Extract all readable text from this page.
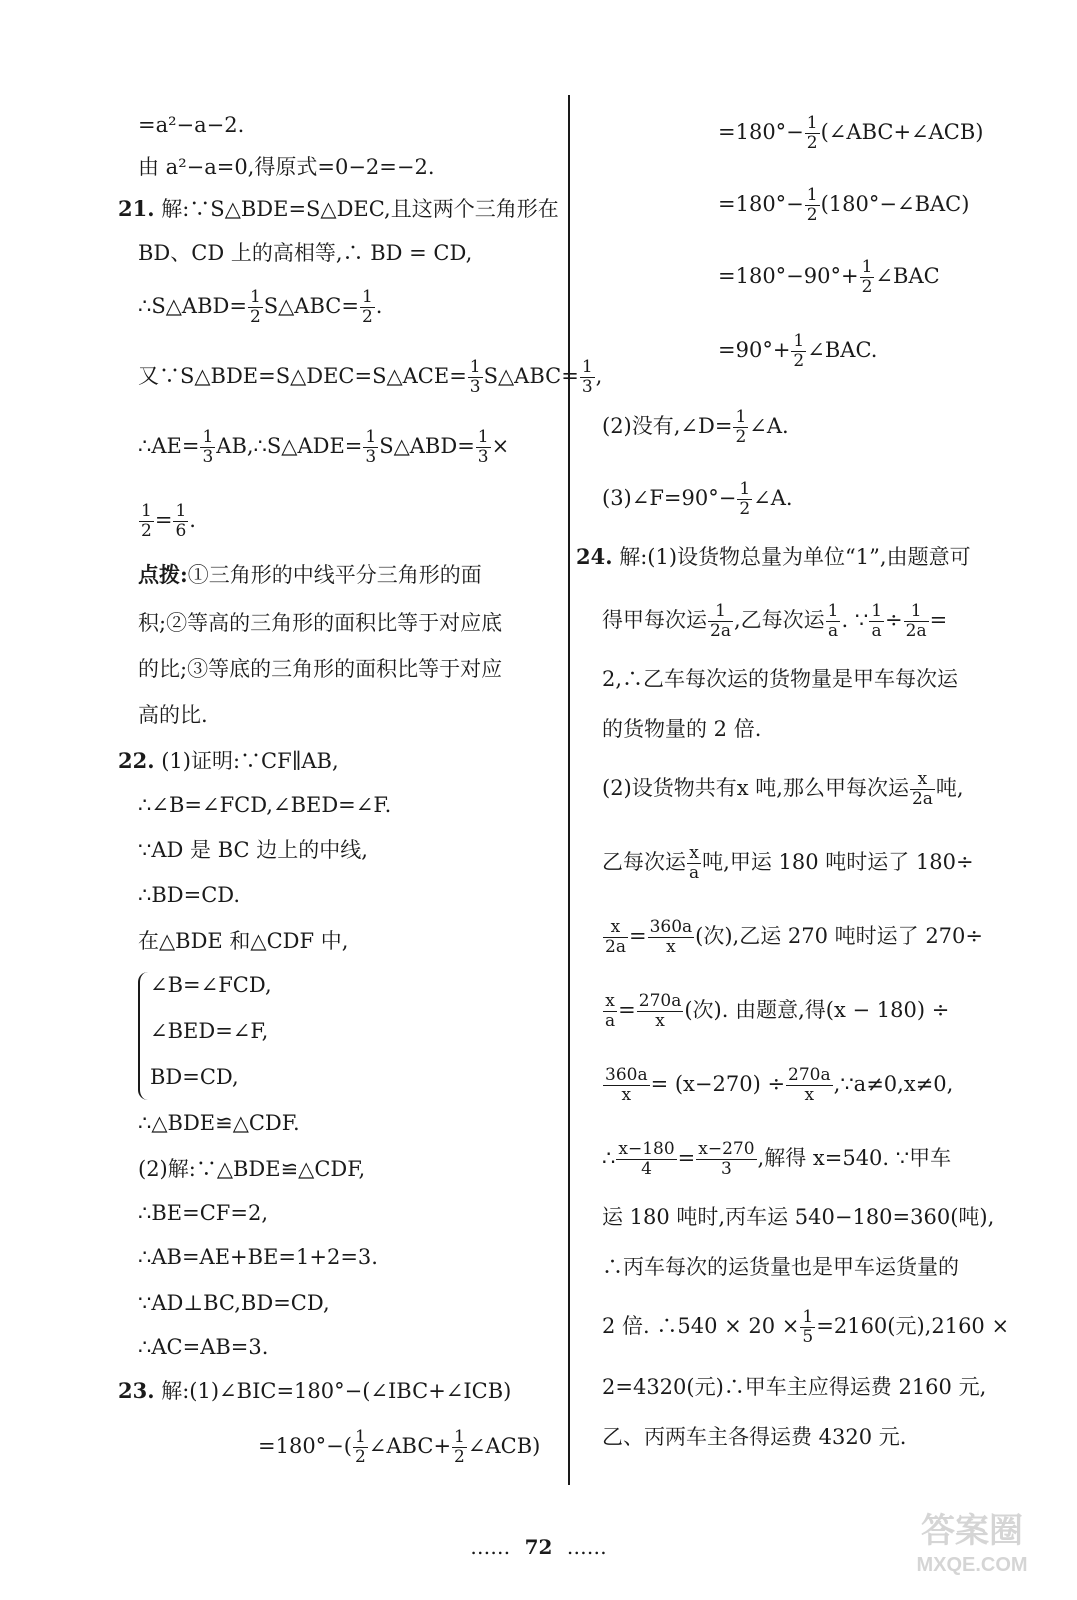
=a²−a−2.
由 a²−a=0,得原式=0−2=−2.
21. 解:∵S△BDE=S△DEC,且这两个三角形在
BD、CD 上的高相等,∴ BD = CD,
∴S△ABD= $\frac{1}{2}$ S△ABC= $\frac{1}{2}$ .
又∵S△BDE=S△DEC=S△ACE= $\frac{1}{3}$ S△ABC= $\frac{1}{3}$ ,
∴AE= $\frac{1}{3}$ AB,∴S△ADE= $\frac{1}{3}$ S△ABD= $\frac{1}{3}$ ×
$\frac{1}{2} = \frac{1}{6}$ .
点拨:①三角形的中线平分三角形的面
积;②等高的三角形的面积比等于对应底
的比;③等底的三角形的面积比等于对应
高的比.
22. (1)证明:∵CF∥AB,
∴∠B=∠FCD,∠BED=∠F.
∵AD 是 BC 边上的中线,
∴BD=CD.
在△BDE 和△CDF 中,
∠B=∠FCD,
∠BED=∠F,
BD=CD,
∴△BDE≌△CDF.
(2)解:∵△BDE≌△CDF,
∴BE=CF=2,
∴AB=AE+BE=1+2=3.
∵AD⊥BC,BD=CD,
∴AC=AB=3.
23. 解:(1)∠BIC=180°−(∠IBC+∠ICB)
$=180^\circ-( \frac{1}{2}$ ∠ABC+ $\frac{1}{2}$ ∠ACB)
$=180^\circ- \frac{1}{2}$ (∠ABC+∠ACB)
$=180^\circ- \frac{1}{2}$ (180°−∠BAC)
$=180^\circ-90^\circ+ \frac{1}{2}$ ∠BAC
$=90^\circ+ \frac{1}{2}$ ∠BAC.
(2)没有,∠D= $\frac{1}{2}$ ∠A.
(3)∠F=90°− $\frac{1}{2}$ ∠A.
24. 解:(1)设货物总量为单位“1”,由题意可
得甲每次运 $\frac{1}{2a}$ ,乙每次运 $\frac{1}{a}$ . ∵ $\frac{1}{a} \div \frac{1}{2a}$ =
2,∴乙车每次运的货物量是甲车每次运
的货物量的 2 倍.
(2)设货物共有x 吨,那么甲每次运 $\frac{x}{2a}$ 吨,
乙每次运 $\frac{x}{a}$ 吨,甲运 180 吨时运了 180÷
$\frac{x}{2a} = \frac{360a}{x}$ (次),乙运 270 吨时运了 270÷
$\frac{x}{a} = \frac{270a}{x}$ (次). 由题意,得(x − 180) ÷
$\frac{360a}{x} = (x-270) \div \frac{270a}{x}$ ,∵a≠0,x≠0,
∴ $\frac{x-180}{4} = \frac{x-270}{3}$ ,解得 x=540. ∵甲车
运 180 吨时,丙车运 540−180=360(吨),
∴丙车每次的运货量也是甲车运货量的
2 倍. ∴540 × $20 \times \frac{1}{5} =2160$(元),2160 ×
2=4320(元)∴甲车主应得运费 2160 元,
乙、丙两车主各得运费 4320 元.
…… 72 ……	答案圈
MXQE.COM
